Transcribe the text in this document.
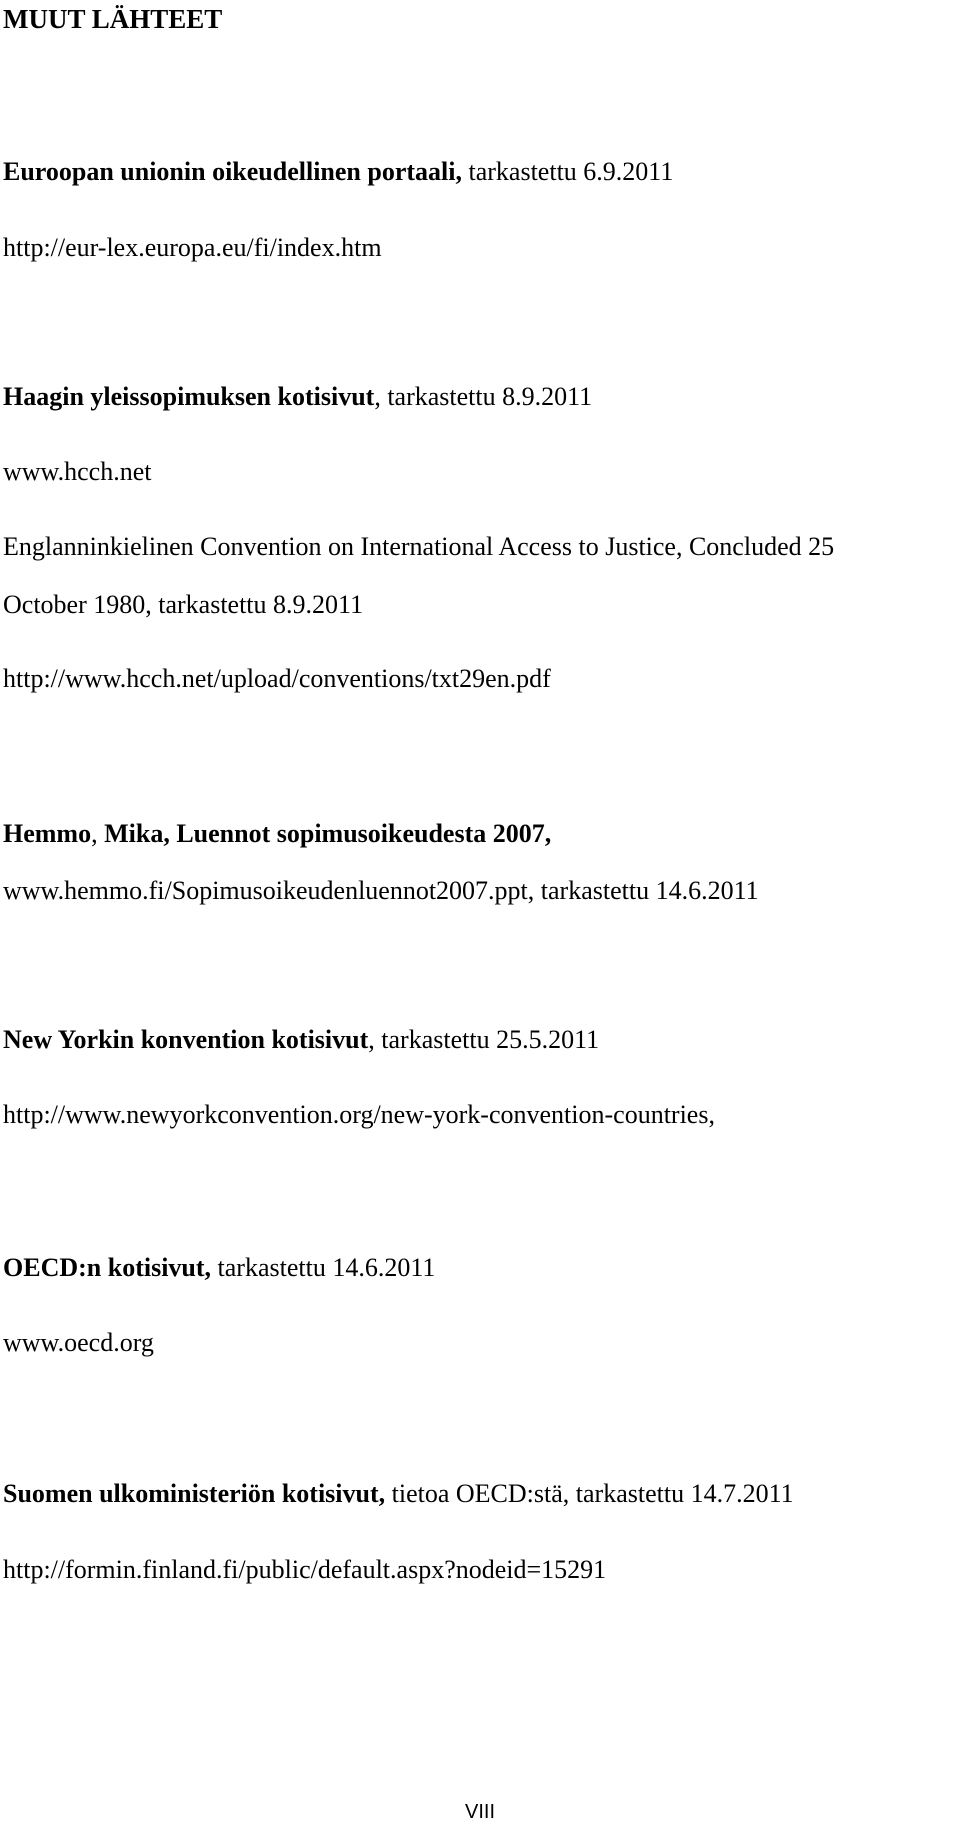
MUUT LÄHTEET
Euroopan unionin oikeudellinen portaali, tarkastettu 6.9.2011
http://eur-lex.europa.eu/fi/index.htm
Haagin yleissopimuksen kotisivut, tarkastettu 8.9.2011
www.hcch.net
Englanninkielinen Convention on International Access to Justice, Concluded 25
October 1980, tarkastettu 8.9.2011
http://www.hcch.net/upload/conventions/txt29en.pdf
Hemmo, Mika, Luennot sopimusoikeudesta 2007,
www.hemmo.fi/Sopimusoikeudenluennot2007.ppt, tarkastettu 14.6.2011
New Yorkin konvention kotisivut, tarkastettu 25.5.2011
http://www.newyorkconvention.org/new-york-convention-countries,
OECD:n kotisivut, tarkastettu 14.6.2011
www.oecd.org
Suomen ulkoministeriön kotisivut, tietoa OECD:stä, tarkastettu 14.7.2011
http://formin.finland.fi/public/default.aspx?nodeid=15291
VIII
